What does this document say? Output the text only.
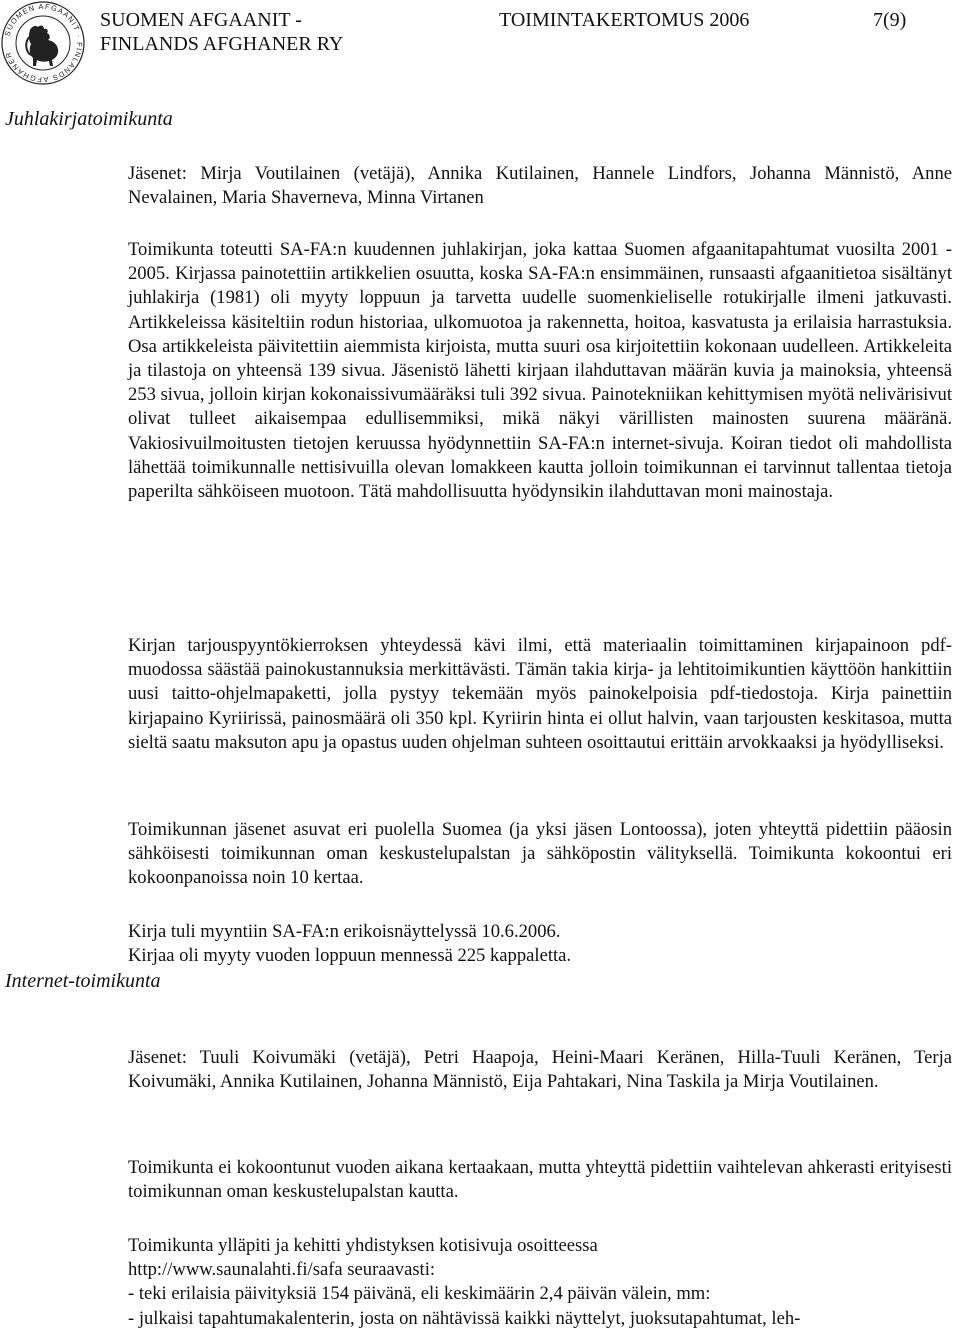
SUOMEN AFGAANIT · FINLANDS AFGHANER
SUOMEN AFGAANIT -
FINLANDS AFGHANER RY
TOIMINTAKERTOMUS 2006	7(9)
Juhlakirjatoimikunta
Internet-toimikunta

Jäsenet: Mirja Voutilainen (vetäjä), Annika Kutilainen, Hannele Lindfors, Johanna Männistö, Anne Nevalainen, Maria Shaverneva, Minna Virtanen

Toimikunta toteutti SA-FA:n kuudennen juhlakirjan, joka kattaa Suomen afgaanitapahtumat vuosilta 2001 - 2005. Kirjassa painotettiin artikkelien osuutta, koska SA-FA:n ensimmäinen, runsaasti afgaanitietoa sisältänyt juhlakirja (1981) oli myyty loppuun ja tarvetta uudelle suomenkieliselle rotukirjalle ilmeni jatkuvasti. Artikkeleissa käsiteltiin rodun historiaa, ulkomuotoa ja rakennetta, hoitoa, kasvatusta ja erilaisia harrastuksia. Osa artikkeleista päivitettiin aiemmista kirjoista, mutta suuri osa kirjoitettiin kokonaan uudelleen. Artikkeleita ja tilastoja on yhteensä 139 sivua. Jäsenistö lähetti kirjaan ilahduttavan määrän kuvia ja mainoksia, yhteensä 253 sivua, jolloin kirjan kokonaissivumääräksi tuli 392 sivua. Painotekniikan kehittymisen myötä nelivärisivut olivat tulleet aikaisempaa edullisemmiksi, mikä näkyi värillisten mainosten suurena määränä. Vakiosivuilmoitusten tietojen keruussa hyödynnettiin SA-FA:n internet-sivuja. Koiran tiedot oli mahdollista lähettää toimikunnalle nettisivuilla olevan lomakkeen kautta jolloin toimikunnan ei tarvinnut tallentaa tietoja paperilta sähköiseen muotoon. Tätä mahdollisuutta hyödynsikin ilahduttavan moni mainostaja.

Kirjan tarjouspyyntökierroksen yhteydessä kävi ilmi, että materiaalin toimittaminen kirjapainoon pdf-muodossa säästää painokustannuksia merkittävästi. Tämän takia kirja- ja lehtitoimikuntien käyttöön hankittiin uusi taitto-ohjelmapaketti, jolla pystyy tekemään myös painokelpoisia pdf-tiedostoja. Kirja painettiin kirjapaino Kyriirissä, painosmäärä oli 350 kpl. Kyriirin hinta ei ollut halvin, vaan tarjousten keskitasoa, mutta sieltä saatu maksuton apu ja opastus uuden ohjelman suhteen osoittautui erittäin arvokkaaksi ja hyödylliseksi.

Toimikunnan jäsenet asuvat eri puolella Suomea (ja yksi jäsen Lontoossa), joten yhteyttä pidettiin pääosin sähköisesti toimikunnan oman keskustelupalstan ja sähköpostin välityksellä. Toimikunta kokoontui eri kokoonpanoissa noin 10 kertaa.

Kirja tuli myyntiin SA-FA:n erikoisnäyttelyssä 10.6.2006.

Kirjaa oli myyty vuoden loppuun mennessä 225 kappaletta.

Jäsenet: Tuuli Koivumäki (vetäjä), Petri Haapoja, Heini-Maari Keränen, Hilla-Tuuli Keränen, Terja Koivumäki, Annika Kutilainen, Johanna Männistö, Eija Pahtakari, Nina Taskila ja Mirja Voutilainen.

Toimikunta ei kokoontunut vuoden aikana kertaakaan, mutta yhteyttä pidettiin vaihtelevan ahkerasti erityisesti toimikunnan oman keskustelupalstan kautta.

Toimikunta ylläpiti ja kehitti yhdistyksen kotisivuja osoitteessa

http://www.saunalahti.fi/safa seuraavasti:

- teki erilaisia päivityksiä 154 päivänä, eli keskimäärin 2,4 päivän välein, mm:

- julkaisi tapahtumakalenterin, josta on nähtävissä kaikki näyttelyt, juoksutapahtumat, leh-
